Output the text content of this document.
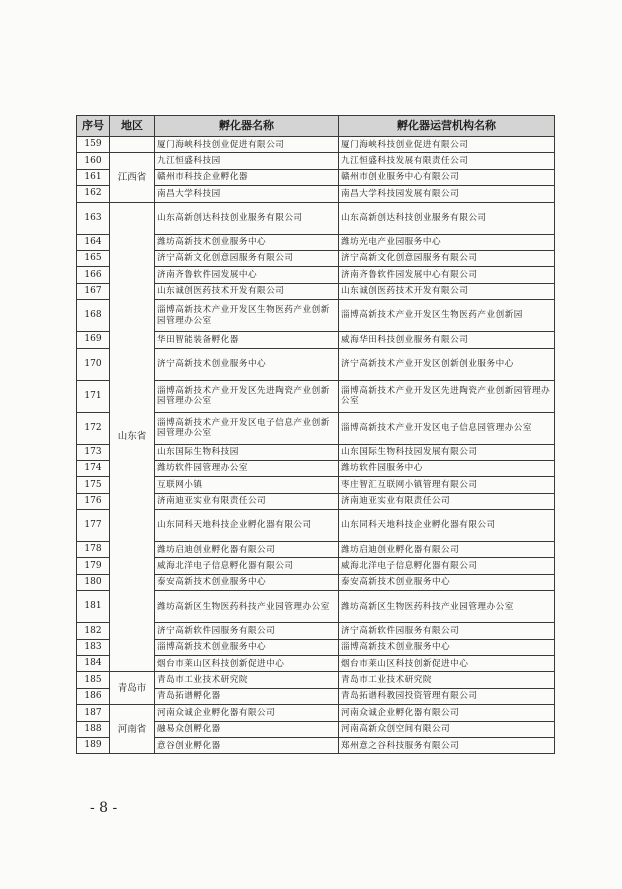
序号	地区	孵化器名称	孵化器运营机构名称
159		厦门海峡科技创业促进有限公司	厦门海峡科技创业促进有限公司
160	江西省	九江恒盛科技园	九江恒盛科技发展有限责任公司
161		赣州市科技企业孵化器	赣州市创业服务中心有限公司
162		南昌大学科技园	南昌大学科技园发展有限公司
163	山东省	山东高新创达科技创业服务有限公司	山东高新创达科技创业服务有限公司
164		潍坊高新技术创业服务中心	潍坊光电产业园服务中心
165		济宁高新文化创意园服务有限公司	济宁高新文化创意园服务有限公司
166		济南齐鲁软件园发展中心	济南齐鲁软件园发展中心有限公司
167		山东诚创医药技术开发有限公司	山东诚创医药技术开发有限公司
168		淄博高新技术产业开发区生物医药产业创新园管理办公室	淄博高新技术产业开发区生物医药产业创新园
169		华田智能装备孵化器	威海华田科技创业服务有限公司
170		济宁高新技术创业服务中心	济宁高新技术产业开发区创新创业服务中心
171		淄博高新技术产业开发区先进陶瓷产业创新园管理办公室	淄博高新技术产业开发区先进陶瓷产业创新园管理办公室
172		淄博高新技术产业开发区电子信息产业创新园管理办公室	淄博高新技术产业开发区电子信息园管理办公室
173		山东国际生物科技园	山东国际生物科技园发展有限公司
174		潍坊软件园管理办公室	潍坊软件园服务中心
175		互联网小镇	枣庄智汇互联网小镇管理有限公司
176		济南迪亚实业有限责任公司	济南迪亚实业有限责任公司
177		山东同科天地科技企业孵化器有限公司	山东同科天地科技企业孵化器有限公司
178		潍坊启迪创业孵化器有限公司	潍坊启迪创业孵化器有限公司
179		威海北洋电子信息孵化器有限公司	威海北洋电子信息孵化器有限公司
180		泰安高新技术创业服务中心	泰安高新技术创业服务中心
181		潍坊高新区生物医药科技产业园管理办公室	潍坊高新区生物医药科技产业园管理办公室
182		济宁高新软件园服务有限公司	济宁高新软件园服务有限公司
183		淄博高新技术创业服务中心	淄博高新技术创业服务中心
184		烟台市莱山区科技创新促进中心	烟台市莱山区科技创新促进中心
185	青岛市	青岛市工业技术研究院	青岛市工业技术研究院
186		青岛拓谱孵化器	青岛拓谱科教园投资管理有限公司
187	河南省	河南众诚企业孵化器有限公司	河南众诚企业孵化器有限公司
188		融易众创孵化器	河南高新众创空间有限公司
189		意谷创业孵化器	郑州意之谷科技服务有限公司
- 8 -
